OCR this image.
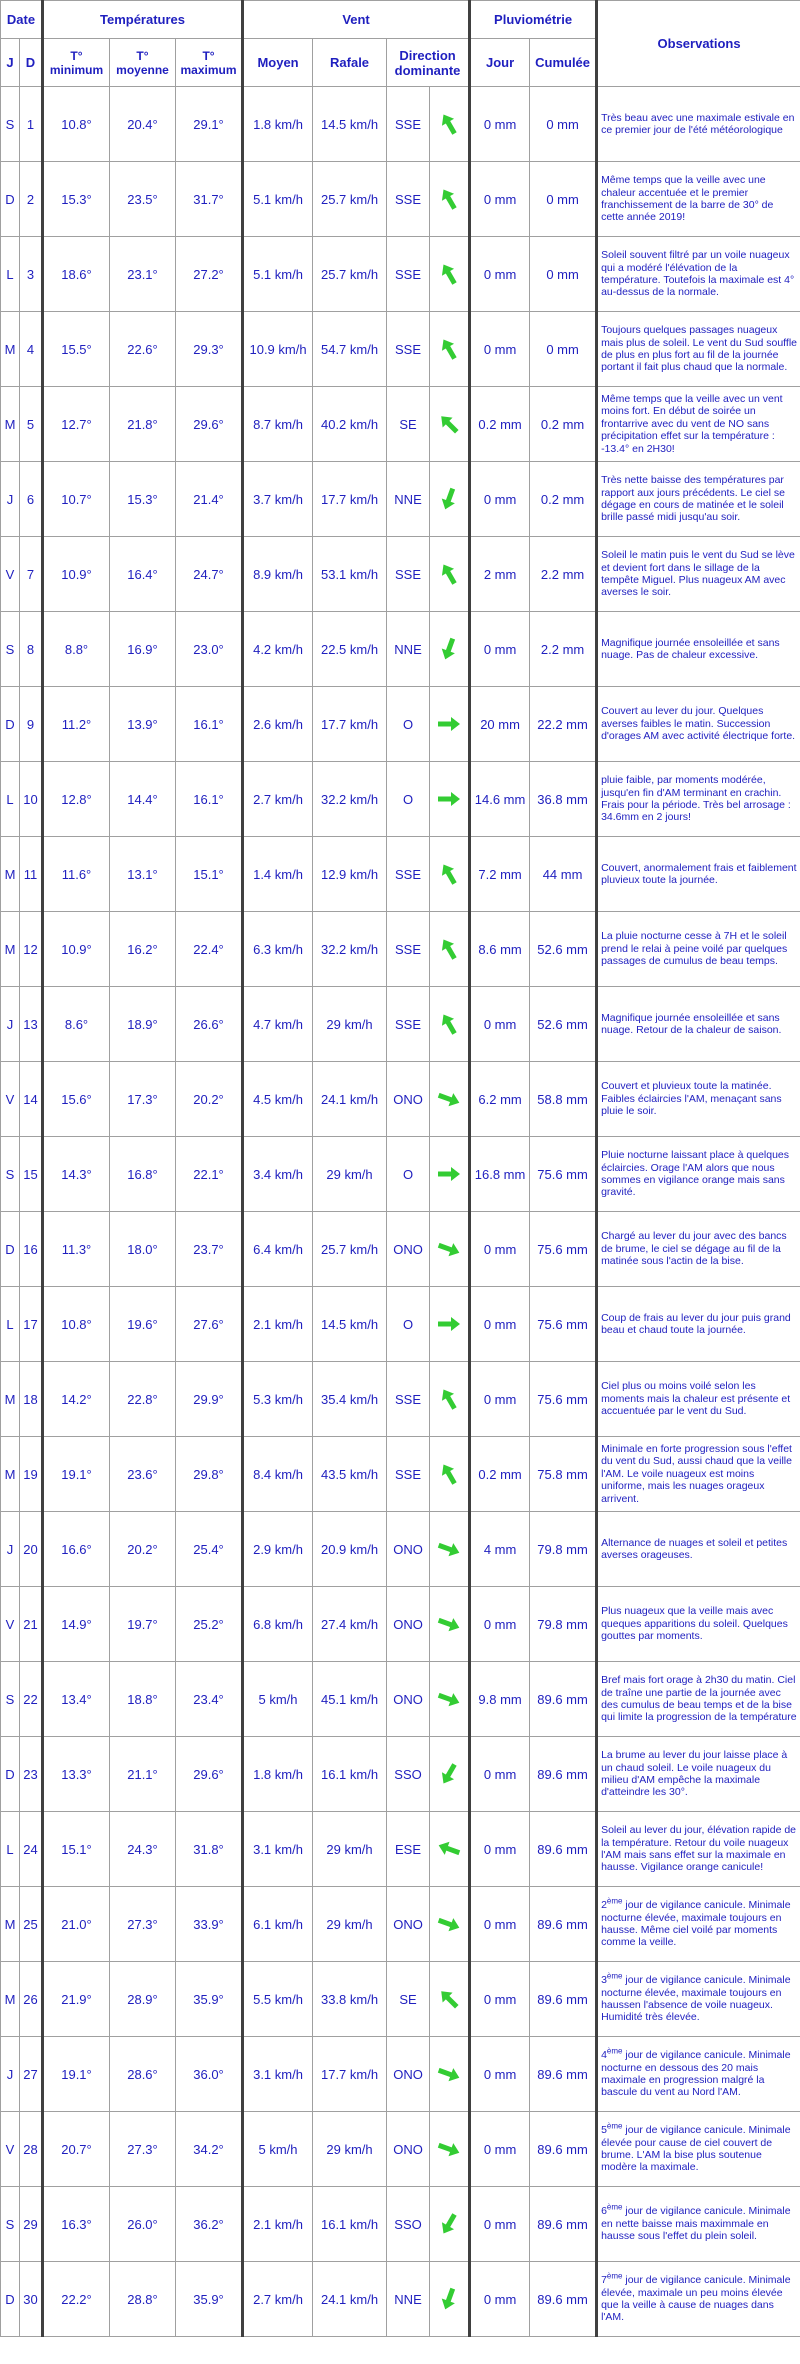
Date		Températures			Vent				Pluviométrie		Observations
J	D	T° minimum	T° moyenne	T° maximum	Moyen	Rafale	Direction dominante		Jour	Cumulée	
S	1	10.8°	20.4°	29.1°	1.8 km/h	14.5 km/h	SSE		0 mm	0 mm	Très beau avec une maximale estivale en ce premier jour de l'été météorologique
D	2	15.3°	23.5°	31.7°	5.1 km/h	25.7 km/h	SSE		0 mm	0 mm	Même temps que la veille avec une chaleur accentuée et le premier franchissement de la barre de 30° de cette année 2019!
L	3	18.6°	23.1°	27.2°	5.1 km/h	25.7 km/h	SSE		0 mm	0 mm	Soleil souvent filtré par un voile nuageux qui a modéré l'élévation de la température. Toutefois la maximale est 4° au-dessus de la normale.
M	4	15.5°	22.6°	29.3°	10.9 km/h	54.7 km/h	SSE		0 mm	0 mm	Toujours quelques passages nuageux mais plus de soleil. Le vent du Sud souffle de plus en plus fort au fil de la journée portant il fait plus chaud que la normale.
M	5	12.7°	21.8°	29.6°	8.7 km/h	40.2 km/h	SE		0.2 mm	0.2 mm	Même temps que la veille avec un vent moins fort. En début de soirée un frontarrive avec du vent de NO sans précipitation effet sur la température : -13.4° en 2H30!
J	6	10.7°	15.3°	21.4°	3.7 km/h	17.7 km/h	NNE		0 mm	0.2 mm	Très nette baisse des températures par rapport aux jours précédents. Le ciel se dégage en cours de matinée et le soleil brille passé midi jusqu'au soir.
V	7	10.9°	16.4°	24.7°	8.9 km/h	53.1 km/h	SSE		2 mm	2.2 mm	Soleil le matin puis le vent du Sud se lève et devient fort dans le sillage de la tempête Miguel. Plus nuageux AM avec averses le soir.
S	8	8.8°	16.9°	23.0°	4.2 km/h	22.5 km/h	NNE		0 mm	2.2 mm	Magnifique journée ensoleillée et sans nuage. Pas de chaleur excessive.
D	9	11.2°	13.9°	16.1°	2.6 km/h	17.7 km/h	O		20 mm	22.2 mm	Couvert au lever du jour. Quelques averses faibles le matin. Succession d'orages AM avec activité électrique forte.
L	10	12.8°	14.4°	16.1°	2.7 km/h	32.2 km/h	O		14.6 mm	36.8 mm	pluie faible, par moments modérée, jusqu'en fin d'AM terminant en crachin. Frais pour la période. Très bel arrosage : 34.6mm en 2 jours!
M	11	11.6°	13.1°	15.1°	1.4 km/h	12.9 km/h	SSE		7.2 mm	44 mm	Couvert, anormalement frais et faiblement pluvieux toute la journée.
M	12	10.9°	16.2°	22.4°	6.3 km/h	32.2 km/h	SSE		8.6 mm	52.6 mm	La pluie nocturne cesse à 7H et le soleil prend le relai à peine voilé par quelques passages de cumulus de beau temps.
J	13	8.6°	18.9°	26.6°	4.7 km/h	29 km/h	SSE		0 mm	52.6 mm	Magnifique journée ensoleillée et sans nuage. Retour de la chaleur de saison.
V	14	15.6°	17.3°	20.2°	4.5 km/h	24.1 km/h	ONO		6.2 mm	58.8 mm	Couvert et pluvieux toute la matinée. Faibles éclaircies l'AM, menaçant sans pluie le soir.
S	15	14.3°	16.8°	22.1°	3.4 km/h	29 km/h	O		16.8 mm	75.6 mm	Pluie nocturne laissant place à quelques éclaircies. Orage l'AM alors que nous sommes en vigilance orange mais sans gravité.
D	16	11.3°	18.0°	23.7°	6.4 km/h	25.7 km/h	ONO		0 mm	75.6 mm	Chargé au lever du jour avec des bancs de brume, le ciel se dégage au fil de la matinée sous l'actin de la bise.
L	17	10.8°	19.6°	27.6°	2.1 km/h	14.5 km/h	O		0 mm	75.6 mm	Coup de frais au lever du jour puis grand beau et chaud toute la journée.
M	18	14.2°	22.8°	29.9°	5.3 km/h	35.4 km/h	SSE		0 mm	75.6 mm	Ciel plus ou moins voilé selon les moments mais la chaleur est présente et accuentuée par le vent du Sud.
M	19	19.1°	23.6°	29.8°	8.4 km/h	43.5 km/h	SSE		0.2 mm	75.8 mm	Minimale en forte progression sous l'effet du vent du Sud, aussi chaud que la veille l'AM. Le voile nuageux est moins uniforme, mais les nuages orageux arrivent.
J	20	16.6°	20.2°	25.4°	2.9 km/h	20.9 km/h	ONO		4 mm	79.8 mm	Alternance de nuages et soleil et petites averses orageuses.
V	21	14.9°	19.7°	25.2°	6.8 km/h	27.4 km/h	ONO		0 mm	79.8 mm	Plus nuageux que la veille mais avec queques apparitions du soleil. Quelques gouttes par moments.
S	22	13.4°	18.8°	23.4°	5 km/h	45.1 km/h	ONO		9.8 mm	89.6 mm	Bref mais fort orage à 2h30 du matin. Ciel de traîne une partie de la journée avec des cumulus de beau temps et de la bise qui limite la progression de la température
D	23	13.3°	21.1°	29.6°	1.8 km/h	16.1 km/h	SSO		0 mm	89.6 mm	La brume au lever du jour laisse place à un chaud soleil. Le voile nuageux du milieu d'AM empêche la maximale d'atteindre les 30°.
L	24	15.1°	24.3°	31.8°	3.1 km/h	29 km/h	ESE		0 mm	89.6 mm	Soleil au lever du jour, élévation rapide de la température. Retour du voile nuageux l'AM mais sans effet sur la maximale en hausse. Vigilance orange canicule!
M	25	21.0°	27.3°	33.9°	6.1 km/h	29 km/h	ONO		0 mm	89.6 mm	2ème jour de vigilance canicule. Minimale nocturne élevée, maximale toujours en hausse. Même ciel voilé par moments comme la veille.
M	26	21.9°	28.9°	35.9°	5.5 km/h	33.8 km/h	SE		0 mm	89.6 mm	3ème jour de vigilance canicule. Minimale nocturne élevée, maximale toujours en haussen l'absence de voile nuageux. Humidité très élevée.
J	27	19.1°	28.6°	36.0°	3.1 km/h	17.7 km/h	ONO		0 mm	89.6 mm	4ème jour de vigilance canicule. Minimale nocturne en dessous des 20 mais maximale en progression malgré la bascule du vent au Nord l'AM.
V	28	20.7°	27.3°	34.2°	5 km/h	29 km/h	ONO		0 mm	89.6 mm	5ème jour de vigilance canicule. Minimale élevée pour cause de ciel couvert de brume. L'AM la bise plus soutenue modère la maximale.
S	29	16.3°	26.0°	36.2°	2.1 km/h	16.1 km/h	SSO		0 mm	89.6 mm	6ème jour de vigilance canicule. Minimale en nette baisse mais maximmale en hausse sous l'effet du plein soleil.
D	30	22.2°	28.8°	35.9°	2.7 km/h	24.1 km/h	NNE		0 mm	89.6 mm	7ème jour de vigilance canicule. Minimale élevée, maximale un peu moins élevée que la veille à cause de nuages dans l'AM.
